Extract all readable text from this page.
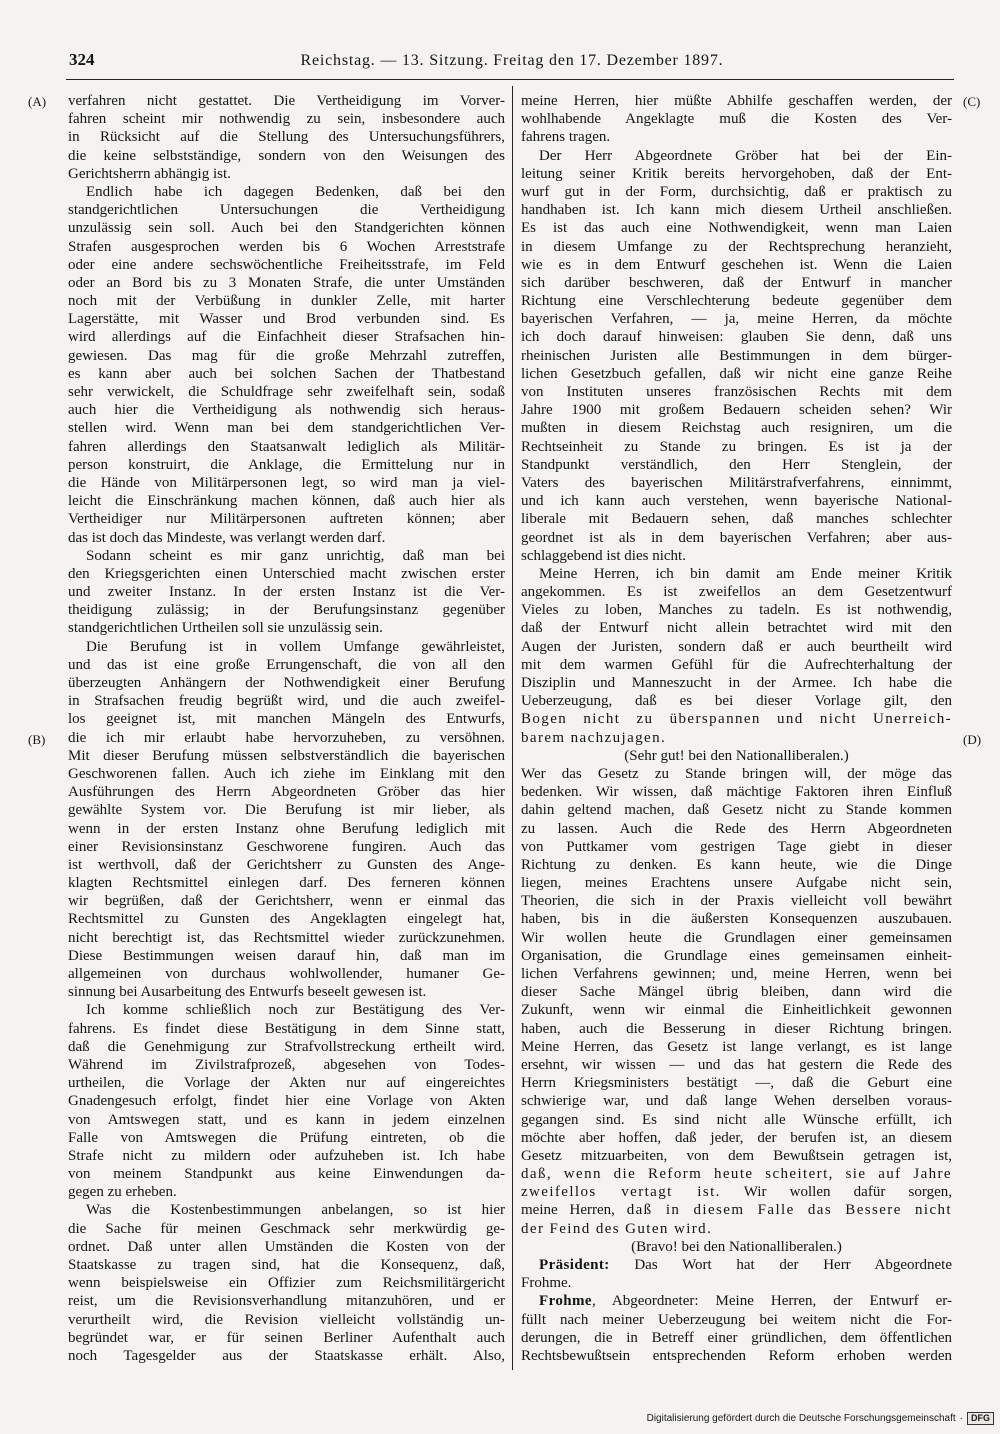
324	Reichstag. — 13. Sitzung. Freitag den 17. Dezember 1897.
(A)
(B)
(C)
(D)
verfahren nicht gestattet. Die Vertheidigung im Vorver-
fahren scheint mir nothwendig zu sein, insbesondere auch
in Rücksicht auf die Stellung des Untersuchungsführers,
die keine selbstständige, sondern von den Weisungen des
Gerichtsherrn abhängig ist.
Endlich habe ich dagegen Bedenken, daß bei den
standgerichtlichen Untersuchungen die Vertheidigung
unzulässig sein soll. Auch bei den Standgerichten können
Strafen ausgesprochen werden bis 6 Wochen Arreststrafe
oder eine andere sechswöchentliche Freiheitsstrafe, im Feld
oder an Bord bis zu 3 Monaten Strafe, die unter Umständen
noch mit der Verbüßung in dunkler Zelle, mit harter
Lagerstätte, mit Wasser und Brod verbunden sind. Es
wird allerdings auf die Einfachheit dieser Strafsachen hin-
gewiesen. Das mag für die große Mehrzahl zutreffen,
es kann aber auch bei solchen Sachen der Thatbestand
sehr verwickelt, die Schuldfrage sehr zweifelhaft sein, sodaß
auch hier die Vertheidigung als nothwendig sich heraus-
stellen wird. Wenn man bei dem standgerichtlichen Ver-
fahren allerdings den Staatsanwalt lediglich als Militär-
person konstruirt, die Anklage, die Ermittelung nur in
die Hände von Militärpersonen legt, so wird man ja viel-
leicht die Einschränkung machen können, daß auch hier als
Vertheidiger nur Militärpersonen auftreten können; aber
das ist doch das Mindeste, was verlangt werden darf.
Sodann scheint es mir ganz unrichtig, daß man bei
den Kriegsgerichten einen Unterschied macht zwischen erster
und zweiter Instanz. In der ersten Instanz ist die Ver-
theidigung zulässig; in der Berufungsinstanz gegenüber
standgerichtlichen Urtheilen soll sie unzulässig sein.
Die Berufung ist in vollem Umfange gewährleistet,
und das ist eine große Errungenschaft, die von all den
überzeugten Anhängern der Nothwendigkeit einer Berufung
in Strafsachen freudig begrüßt wird, und die auch zweifel-
los geeignet ist, mit manchen Mängeln des Entwurfs,
die ich mir erlaubt habe hervorzuheben, zu versöhnen.
Mit dieser Berufung müssen selbstverständlich die bayerischen
Geschworenen fallen. Auch ich ziehe im Einklang mit den
Ausführungen des Herrn Abgeordneten Gröber das hier
gewählte System vor. Die Berufung ist mir lieber, als
wenn in der ersten Instanz ohne Berufung lediglich mit
einer Revisionsinstanz Geschworene fungiren. Auch das
ist werthvoll, daß der Gerichtsherr zu Gunsten des Ange-
klagten Rechtsmittel einlegen darf. Des ferneren können
wir begrüßen, daß der Gerichtsherr, wenn er einmal das
Rechtsmittel zu Gunsten des Angeklagten eingelegt hat,
nicht berechtigt ist, das Rechtsmittel wieder zurückzunehmen.
Diese Bestimmungen weisen darauf hin, daß man im
allgemeinen von durchaus wohlwollender, humaner Ge-
sinnung bei Ausarbeitung des Entwurfs beseelt gewesen ist.
Ich komme schließlich noch zur Bestätigung des Ver-
fahrens. Es findet diese Bestätigung in dem Sinne statt,
daß die Genehmigung zur Strafvollstreckung ertheilt wird.
Während im Zivilstrafprozeß, abgesehen von Todes-
urtheilen, die Vorlage der Akten nur auf eingereichtes
Gnadengesuch erfolgt, findet hier eine Vorlage von Akten
von Amtswegen statt, und es kann in jedem einzelnen
Falle von Amtswegen die Prüfung eintreten, ob die
Strafe nicht zu mildern oder aufzuheben ist. Ich habe
von meinem Standpunkt aus keine Einwendungen da-
gegen zu erheben.
Was die Kostenbestimmungen anbelangen, so ist hier
die Sache für meinen Geschmack sehr merkwürdig ge-
ordnet. Daß unter allen Umständen die Kosten von der
Staatskasse zu tragen sind, hat die Konsequenz, daß,
wenn beispielsweise ein Offizier zum Reichsmilitärgericht
reist, um die Revisionsverhandlung mitanzuhören, und er
verurtheilt wird, die Revision vielleicht vollständig un-
begründet war, er für seinen Berliner Aufenthalt auch
noch Tagesgelder aus der Staatskasse erhält. Also,
meine Herren, hier müßte Abhilfe geschaffen werden, der
wohlhabende Angeklagte muß die Kosten des Ver-
fahrens tragen.
Der Herr Abgeordnete Gröber hat bei der Ein-
leitung seiner Kritik bereits hervorgehoben, daß der Ent-
wurf gut in der Form, durchsichtig, daß er praktisch zu
handhaben ist. Ich kann mich diesem Urtheil anschließen.
Es ist das auch eine Nothwendigkeit, wenn man Laien
in diesem Umfange zu der Rechtsprechung heranzieht,
wie es in dem Entwurf geschehen ist. Wenn die Laien
sich darüber beschweren, daß der Entwurf in mancher
Richtung eine Verschlechterung bedeute gegenüber dem
bayerischen Verfahren, — ja, meine Herren, da möchte
ich doch darauf hinweisen: glauben Sie denn, daß uns
rheinischen Juristen alle Bestimmungen in dem bürger-
lichen Gesetzbuch gefallen, daß wir nicht eine ganze Reihe
von Instituten unseres französischen Rechts mit dem
Jahre 1900 mit großem Bedauern scheiden sehen? Wir
mußten in diesem Reichstag auch resigniren, um die
Rechtseinheit zu Stande zu bringen. Es ist ja der
Standpunkt verständlich, den Herr Stenglein, der
Vaters des bayerischen Militärstrafverfahrens, einnimmt,
und ich kann auch verstehen, wenn bayerische National-
liberale mit Bedauern sehen, daß manches schlechter
geordnet ist als in dem bayerischen Verfahren; aber aus-
schlaggebend ist dies nicht.
Meine Herren, ich bin damit am Ende meiner Kritik
angekommen. Es ist zweifellos an dem Gesetzentwurf
Vieles zu loben, Manches zu tadeln. Es ist nothwendig,
daß der Entwurf nicht allein betrachtet wird mit den
Augen der Juristen, sondern daß er auch beurtheilt wird
mit dem warmen Gefühl für die Aufrechterhaltung der
Disziplin und Manneszucht in der Armee. Ich habe die
Ueberzeugung, daß es bei dieser Vorlage gilt, den
Bogen nicht zu überspannen und nicht Unerreich-
barem nachzujagen.
(Sehr gut! bei den Nationalliberalen.)
Wer das Gesetz zu Stande bringen will, der möge das
bedenken. Wir wissen, daß mächtige Faktoren ihren Einfluß
dahin geltend machen, daß Gesetz nicht zu Stande kommen
zu lassen. Auch die Rede des Herrn Abgeordneten
von Puttkamer vom gestrigen Tage giebt in dieser
Richtung zu denken. Es kann heute, wie die Dinge
liegen, meines Erachtens unsere Aufgabe nicht sein,
Theorien, die sich in der Praxis vielleicht voll bewährt
haben, bis in die äußersten Konsequenzen auszubauen.
Wir wollen heute die Grundlagen einer gemeinsamen
Organisation, die Grundlage eines gemeinsamen einheit-
lichen Verfahrens gewinnen; und, meine Herren, wenn bei
dieser Sache Mängel übrig bleiben, dann wird die
Zukunft, wenn wir einmal die Einheitlichkeit gewonnen
haben, auch die Besserung in dieser Richtung bringen.
Meine Herren, das Gesetz ist lange verlangt, es ist lange
ersehnt, wir wissen — und das hat gestern die Rede des
Herrn Kriegsministers bestätigt —, daß die Geburt eine
schwierige war, und daß lange Wehen derselben voraus-
gegangen sind. Es sind nicht alle Wünsche erfüllt, ich
möchte aber hoffen, daß jeder, der berufen ist, an diesem
Gesetz mitzuarbeiten, von dem Bewußtsein getragen ist,
daß, wenn die Reform heute scheitert, sie auf Jahre
zweifellos vertagt ist. Wir wollen dafür sorgen,
meine Herren, daß in diesem Falle das Bessere nicht
der Feind des Guten wird.
(Bravo! bei den Nationalliberalen.)
Präsident: Das Wort hat der Herr Abgeordnete
Frohme.
Frohme, Abgeordneter: Meine Herren, der Entwurf er-
füllt nach meiner Ueberzeugung bei weitem nicht die For-
derungen, die in Betreff einer gründlichen, dem öffentlichen
Rechtsbewußtsein entsprechenden Reform erhoben werden
Digitalisierung gefördert durch die Deutsche Forschungsgemeinschaft · DFG
